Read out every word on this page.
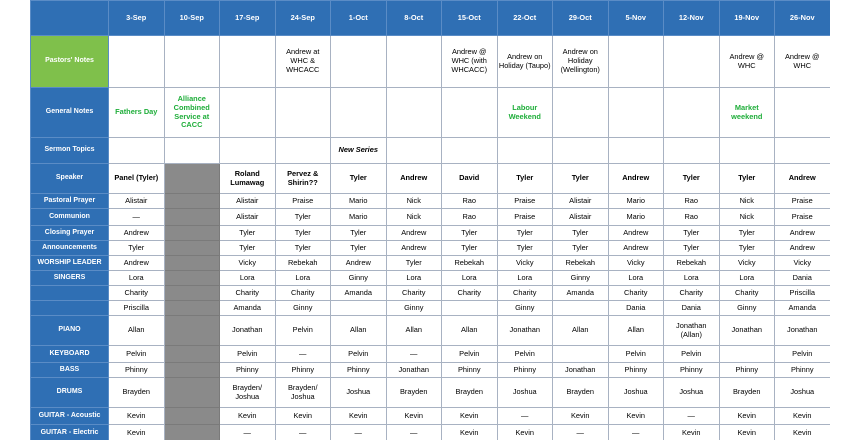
	3-Sep	10-Sep	17-Sep	24-Sep	1-Oct	8-Oct	15-Oct	22-Oct	29-Oct	5-Nov	12-Nov	19-Nov	26-Nov
Pastors' Notes				Andrew at WHC & WHCACC			Andrew @ WHC (with WHCACC)	Andrew on Holiday (Taupo)	Andrew on Holiday (Wellington)			Andrew @ WHC	Andrew @ WHC
General Notes	Fathers Day	Alliance Combined Service at CACC						Labour Weekend				Market weekend	
Sermon Topics					New Series								
Speaker	Panel (Tyler)		Roland Lumawag	Pervez & Shirin??	Tyler	Andrew	David	Tyler	Tyler	Andrew	Tyler	Tyler	Andrew
Pastoral Prayer	Alistair		Alistair	Praise	Mario	Nick	Rao	Praise	Alistair	Mario	Rao	Nick	Praise
Communion	—		Alistair	Tyler	Mario	Nick	Rao	Praise	Alistair	Mario	Rao	Nick	Praise
Closing Prayer	Andrew		Tyler	Tyler	Tyler	Andrew	Tyler	Tyler	Tyler	Andrew	Tyler	Tyler	Andrew
Announcements	Tyler		Tyler	Tyler	Tyler	Andrew	Tyler	Tyler	Tyler	Andrew	Tyler	Tyler	Andrew
WORSHIP LEADER	Andrew		Vicky	Rebekah	Andrew	Tyler	Rebekah	Vicky	Rebekah	Vicky	Rebekah	Vicky	Vicky
SINGERS	Lora		Lora	Lora	Ginny	Lora	Lora	Lora	Ginny	Lora	Lora	Lora	Dania
	Charity		Charity	Charity	Amanda	Charity	Charity	Charity	Amanda	Charity	Charity	Charity	Priscilla
	Priscilla		Amanda	Ginny		Ginny		Ginny		Dania	Dania	Ginny	Amanda
PIANO	Allan		Jonathan	Pelvin	Allan	Allan	Allan	Jonathan	Allan	Allan	Jonathan (Allan)	Jonathan	Jonathan
KEYBOARD	Pelvin		Pelvin	—	Pelvin	—	Pelvin	Pelvin		Pelvin	Pelvin		Pelvin
BASS	Phinny		Phinny	Phinny	Phinny	Jonathan	Phinny	Phinny	Jonathan	Phinny	Phinny	Phinny	Phinny
DRUMS	Brayden		Brayden/ Joshua	Brayden/ Joshua	Joshua	Brayden	Brayden	Joshua	Brayden	Joshua	Joshua	Brayden	Joshua
GUITAR - Acoustic	Kevin		Kevin	Kevin	Kevin	Kevin	Kevin	—	Kevin	Kevin	—	Kevin	Kevin
GUITAR - Electric	Kevin		—	—	—	—	Kevin	Kevin	—	—	Kevin	Kevin	Kevin
